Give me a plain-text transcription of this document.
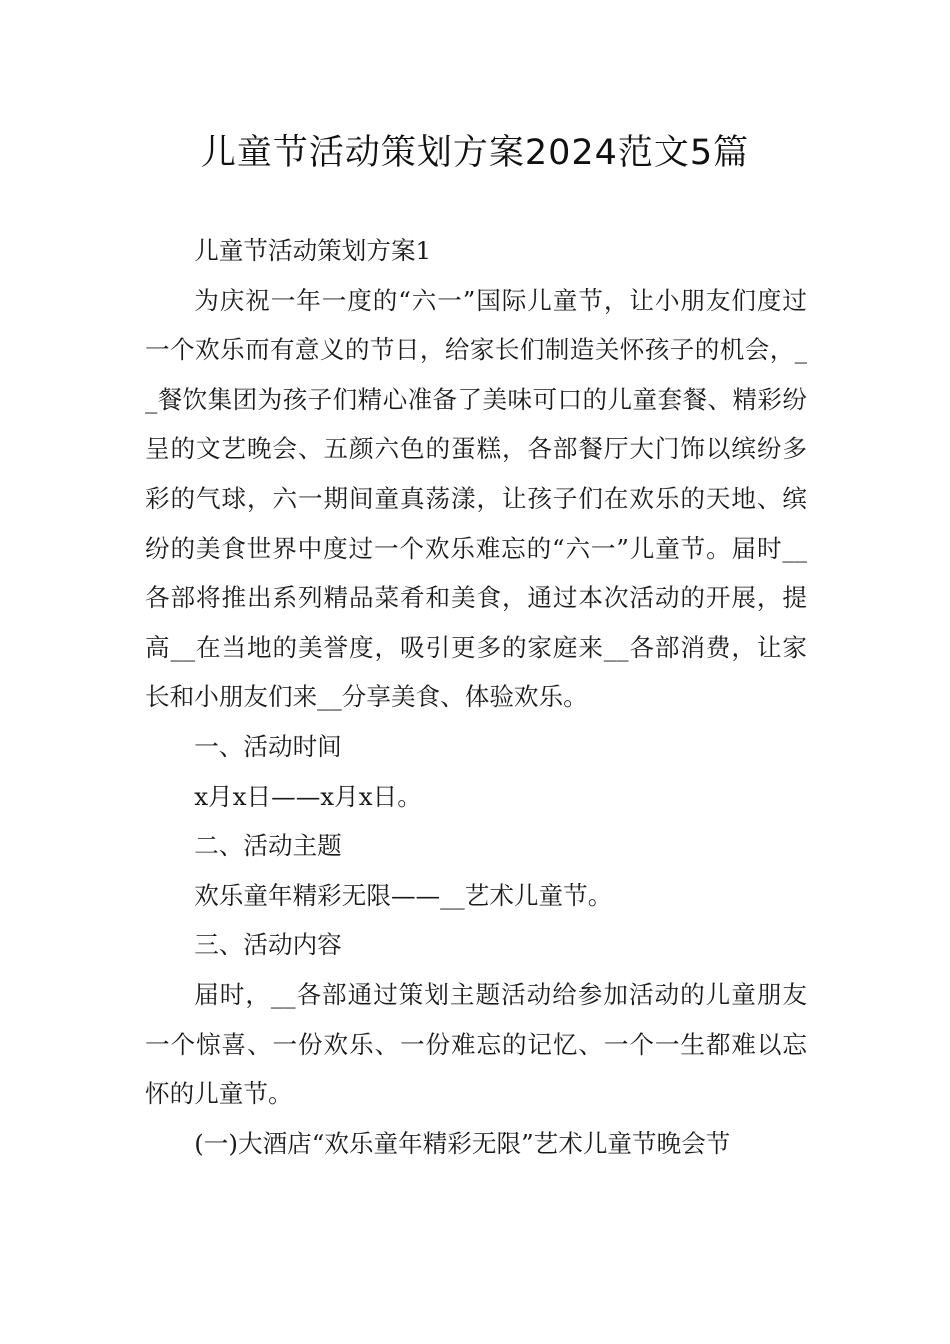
儿童节活动策划方案2024范文5篇

儿童节活动策划方案1

为庆祝一年一度的“六一”国际儿童节，让小朋友们度过一个欢乐而有意义的节日，给家长们制造关怀孩子的机会，__餐饮集团为孩子们精心准备了美味可口的儿童套餐、精彩纷呈的文艺晚会、五颜六色的蛋糕，各部餐厅大门饰以缤纷多彩的气球，六一期间童真荡漾，让孩子们在欢乐的天地、缤纷的美食世界中度过一个欢乐难忘的“六一”儿童节。届时__各部将推出系列精品菜肴和美食，通过本次活动的开展，提高__在当地的美誉度，吸引更多的家庭来__各部消费，让家长和小朋友们来__分享美食、体验欢乐。

一、活动时间

x月x日——x月x日。

二、活动主题

欢乐童年精彩无限——__艺术儿童节。

三、活动内容

届时，__各部通过策划主题活动给参加活动的儿童朋友一个惊喜、一份欢乐、一份难忘的记忆、一个一生都难以忘怀的儿童节。

(一)大酒店“欢乐童年精彩无限”艺术儿童节晚会节
